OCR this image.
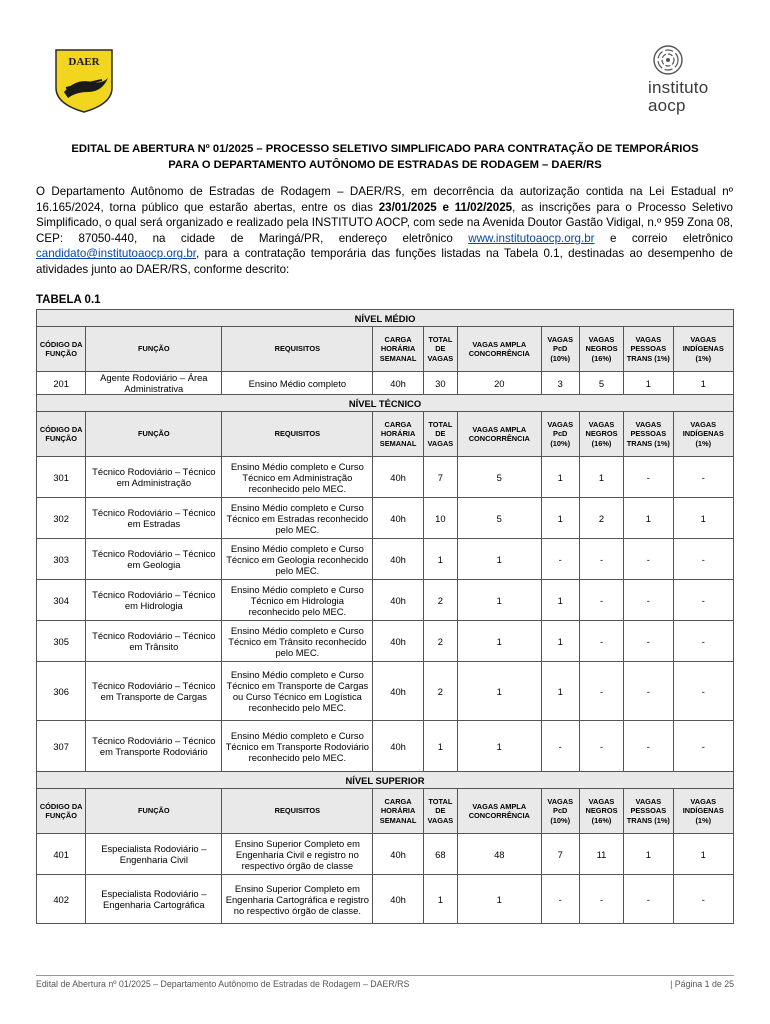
DAER
instituto
aocp
EDITAL DE ABERTURA Nº 01/2025 – PROCESSO SELETIVO SIMPLIFICADO PARA CONTRATAÇÃO DE TEMPORÁRIOS
PARA O DEPARTAMENTO AUTÔNOMO DE ESTRADAS DE RODAGEM – DAER/RS
O Departamento Autônomo de Estradas de Rodagem – DAER/RS, em decorrência da autorização contida na Lei Estadual nº 16.165/2024, torna público que estarão abertas, entre os dias 23/01/2025 e 11/02/2025, as inscrições para o Processo Seletivo Simplificado, o qual será organizado e realizado pela INSTITUTO AOCP, com sede na Avenida Doutor Gastão Vidigal, n.º 959 Zona 08, CEP: 87050-440, na cidade de Maringá/PR, endereço eletrônico www.institutoaocp.org.br e correio eletrônico candidato@institutoaocp.org.br, para a contratação temporária das funções listadas na Tabela 0.1, destinadas ao desempenho de atividades junto ao DAER/RS, conforme descrito:
TABELA 0.1
NÍVEL MÉDIO									
CÓDIGO DA FUNÇÃO	FUNÇÃO	REQUISITOS	CARGA HORÁRIA SEMANAL	TOTAL DE VAGAS	VAGAS AMPLA CONCORRÊNCIA	VAGAS PcD (10%)	VAGAS NEGROS (16%)	VAGAS PESSOAS TRANS (1%)	VAGAS INDÍGENAS (1%)
201	Agente Rodoviário – Área Administrativa	Ensino Médio completo	40h	30	20	3	5	1	1
NÍVEL TÉCNICO									
CÓDIGO DA FUNÇÃO	FUNÇÃO	REQUISITOS	CARGA HORÁRIA SEMANAL	TOTAL DE VAGAS	VAGAS AMPLA CONCORRÊNCIA	VAGAS PcD (10%)	VAGAS NEGROS (16%)	VAGAS PESSOAS TRANS (1%)	VAGAS INDÍGENAS (1%)
301	Técnico Rodoviário – Técnico em Administração	Ensino Médio completo e Curso Técnico em Administração reconhecido pelo MEC.	40h	7	5	1	1	-	-
302	Técnico Rodoviário – Técnico em Estradas	Ensino Médio completo e Curso Técnico em Estradas reconhecido pelo MEC.	40h	10	5	1	2	1	1
303	Técnico Rodoviário – Técnico em Geologia	Ensino Médio completo e Curso Técnico em Geologia reconhecido pelo MEC.	40h	1	1	-	-	-	-
304	Técnico Rodoviário – Técnico em Hidrologia	Ensino Médio completo e Curso Técnico em Hidrologia reconhecido pelo MEC.	40h	2	1	1	-	-	-
305	Técnico Rodoviário – Técnico em Trânsito	Ensino Médio completo e Curso Técnico em Trânsito reconhecido pelo MEC.	40h	2	1	1	-	-	-
306	Técnico Rodoviário – Técnico em Transporte de Cargas	Ensino Médio completo e Curso Técnico em Transporte de Cargas ou Curso Técnico em Logística reconhecido pelo MEC.	40h	2	1	1	-	-	-
307	Técnico Rodoviário – Técnico em Transporte Rodoviário	Ensino Médio completo e Curso Técnico em Transporte Rodoviário reconhecido pelo MEC.	40h	1	1	-	-	-	-
NÍVEL SUPERIOR									
CÓDIGO DA FUNÇÃO	FUNÇÃO	REQUISITOS	CARGA HORÁRIA SEMANAL	TOTAL DE VAGAS	VAGAS AMPLA CONCORRÊNCIA	VAGAS PcD (10%)	VAGAS NEGROS (16%)	VAGAS PESSOAS TRANS (1%)	VAGAS INDÍGENAS (1%)
401	Especialista Rodoviário – Engenharia Civil	Ensino Superior Completo em Engenharia Civil e registro no respectivo órgão de classe	40h	68	48	7	11	1	1
402	Especialista Rodoviário – Engenharia Cartográfica	Ensino Superior Completo em Engenharia Cartográfica e registro no respectivo órgão de classe.	40h	1	1	-	-	-	-
Edital de Abertura nº 01/2025 – Departamento Autônomo de Estradas de Rodagem – DAER/RS	| Página 1 de 25
